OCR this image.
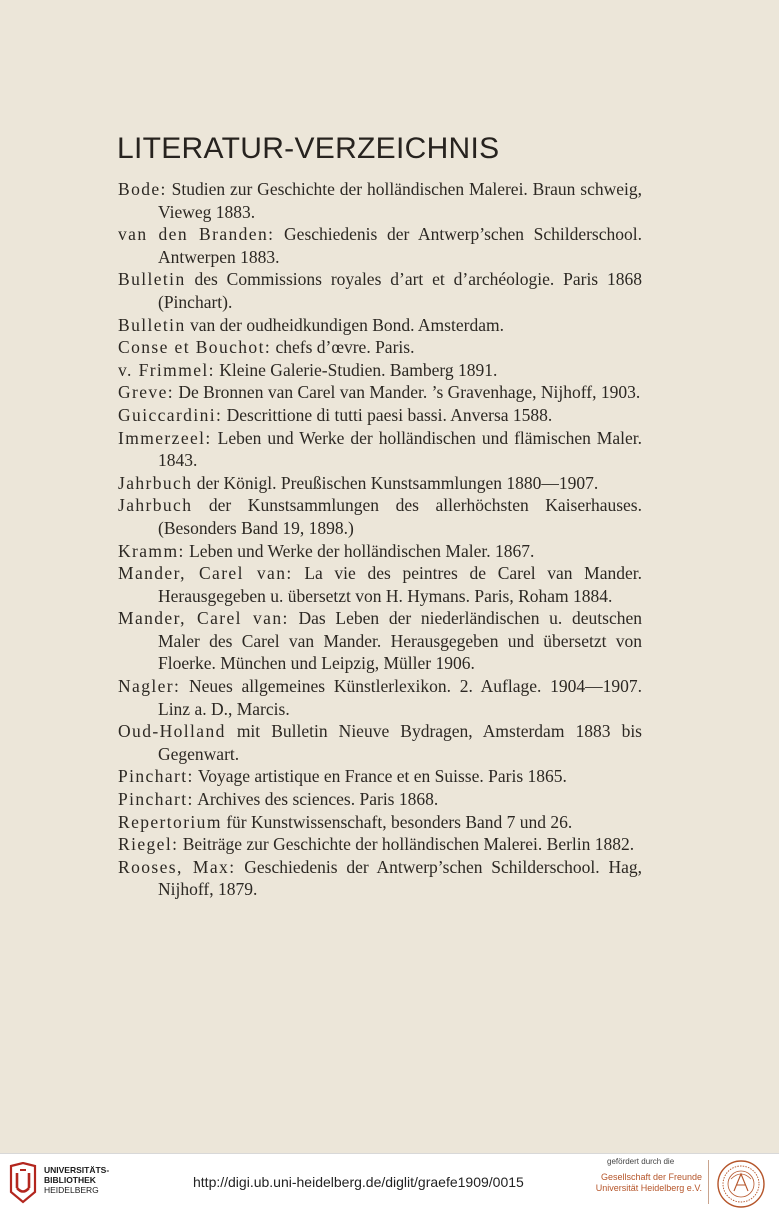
LITERATUR-VERZEICHNIS

Bode: Studien zur Geschichte der holländischen Malerei. Braun schweig, Vieweg 1883.

van den Branden: Geschiedenis der Antwerp’schen Schilderschool. Antwerpen 1883.

Bulletin des Commissions royales d’art et d’archéologie. Paris 1868 (Pinchart).

Bulletin van der oudheidkundigen Bond. Amsterdam.

Conse et Bouchot: chefs d’œvre. Paris.

v. Frimmel: Kleine Galerie-Studien. Bamberg 1891.

Greve: De Bronnen van Carel van Mander. ’s Gravenhage, Nijhoff, 1903.

Guiccardini: Descrittione di tutti paesi bassi. Anversa 1588.

Immerzeel: Leben und Werke der holländischen und flämischen Maler. 1843.

Jahrbuch der Königl. Preußischen Kunstsammlungen 1880—1907.

Jahrbuch der Kunstsammlungen des allerhöchsten Kaiserhauses. (Besonders Band 19, 1898.)

Kramm: Leben und Werke der holländischen Maler. 1867.

Mander, Carel van: La vie des peintres de Carel van Mander. Herausgegeben u. übersetzt von H. Hymans. Paris, Roham 1884.

Mander, Carel van: Das Leben der niederländischen u. deutschen Maler des Carel van Mander. Herausgegeben und übersetzt von Floerke. München und Leipzig, Müller 1906.

Nagler: Neues allgemeines Künstlerlexikon. 2. Auflage. 1904—1907. Linz a. D., Marcis.

Oud-Holland mit Bulletin Nieuve Bydragen, Amsterdam 1883 bis Gegenwart.

Pinchart: Voyage artistique en France et en Suisse. Paris 1865.

Pinchart: Archives des sciences. Paris 1868.

Repertorium für Kunstwissenschaft, besonders Band 7 und 26.

Riegel: Beiträge zur Geschichte der holländischen Malerei. Berlin 1882.

Rooses, Max: Geschiedenis der Antwerp’schen Schilderschool. Hag, Nijhoff, 1879.

UNIVERSITÄTS-
BIBLIOTHEK
HEIDELBERG	http://digi.ub.uni-heidelberg.de/diglit/graefe1909/0015
gefördert durch die
Gesellschaft der Freunde
Universität Heidelberg e.V.
